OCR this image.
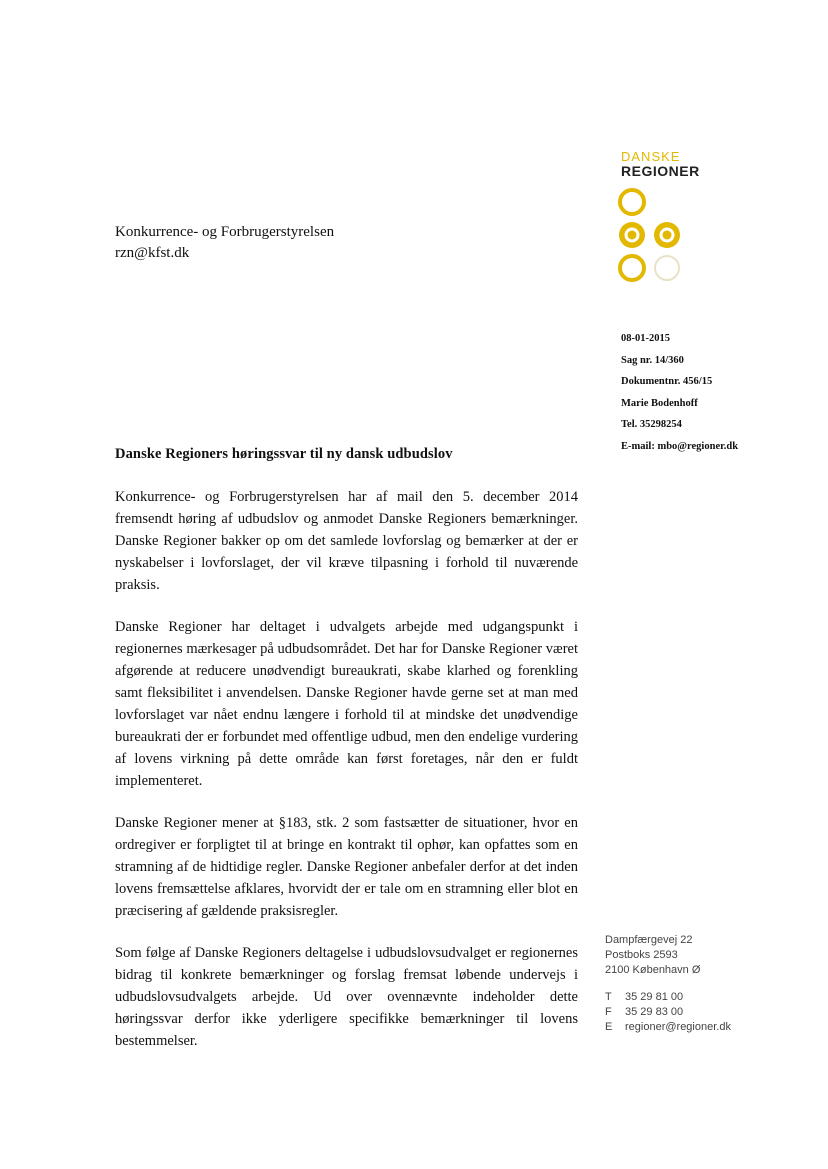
DANSKE
REGIONER
Konkurrence- og Forbrugerstyrelsen
rzn@kfst.dk
08-01-2015
Sag nr. 14/360
Dokumentnr. 456/15
Marie Bodenhoff
Tel. 35298254
E-mail: mbo@regioner.dk
Danske Regioners høringssvar til ny dansk udbudslov

Konkurrence- og Forbrugerstyrelsen har af mail den 5. december 2014 fremsendt høring af udbudslov og anmodet Danske Regioners bemærkninger. Danske Regioner bakker op om det samlede lovforslag og bemærker at der er nyskabelser i lovforslaget, der vil kræve tilpasning i forhold til nuværende praksis.

Danske Regioner har deltaget i udvalgets arbejde med udgangspunkt i regionernes mærkesager på udbudsområdet. Det har for Danske Regioner været afgørende at reducere unødvendigt bureaukrati, skabe klarhed og forenkling samt fleksibilitet i anvendelsen. Danske Regioner havde gerne set at man med lovforslaget var nået endnu længere i forhold til at mindske det unødvendige bureaukrati der er forbundet med offentlige udbud, men den endelige vurdering af lovens virkning på dette område kan først foretages, når den er fuldt implementeret.

Danske Regioner mener at §183, stk. 2 som fastsætter de situationer, hvor en ordregiver er forpligtet til at bringe en kontrakt til ophør, kan opfattes som en stramning af de hidtidige regler. Danske Regioner anbefaler derfor at det inden lovens fremsættelse afklares, hvorvidt der er tale om en stramning eller blot en præcisering af gældende praksisregler.

Som følge af Danske Regioners deltagelse i udbudslovsudvalget er regionernes bidrag til konkrete bemærkninger og forslag fremsat løbende undervejs i udbudslovsudvalgets arbejde. Ud over ovennævnte indeholder dette høringssvar derfor ikke yderligere specifikke bemærkninger til lovens bestemmelser.

Dampfærgevej 22
Postboks 2593
2100 København Ø
T	35 29 81 00
F	35 29 83 00
E	regioner@regioner.dk
